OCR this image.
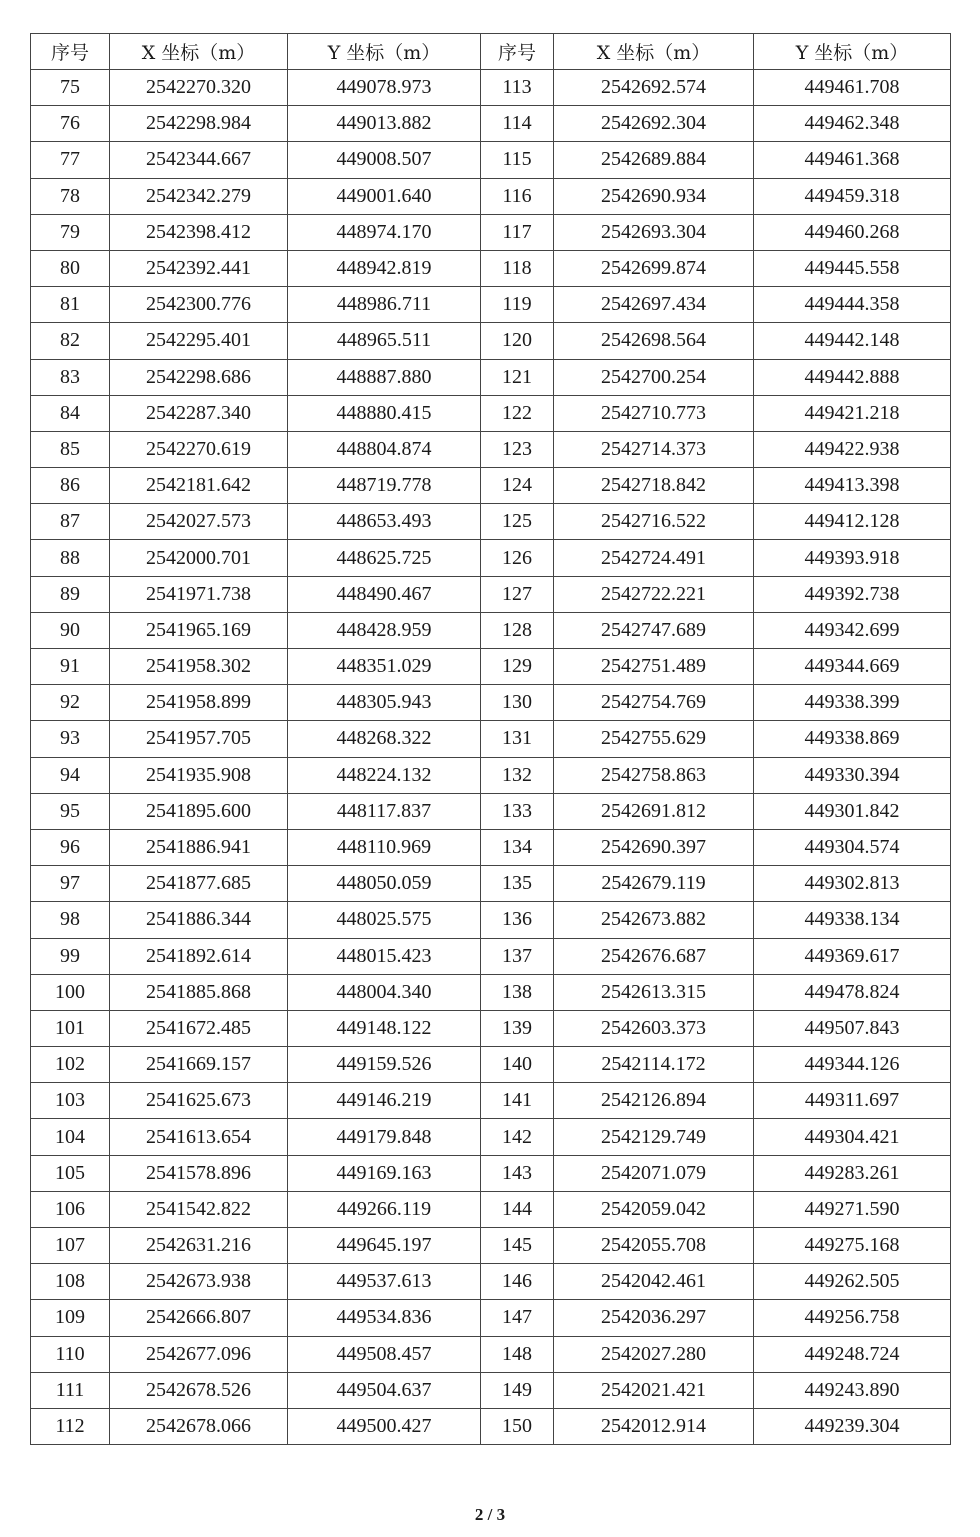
序号	X 坐标（m）	Y 坐标（m）	序号	X 坐标（m）	Y 坐标（m）
75	2542270.320	449078.973	113	2542692.574	449461.708
76	2542298.984	449013.882	114	2542692.304	449462.348
77	2542344.667	449008.507	115	2542689.884	449461.368
78	2542342.279	449001.640	116	2542690.934	449459.318
79	2542398.412	448974.170	117	2542693.304	449460.268
80	2542392.441	448942.819	118	2542699.874	449445.558
81	2542300.776	448986.711	119	2542697.434	449444.358
82	2542295.401	448965.511	120	2542698.564	449442.148
83	2542298.686	448887.880	121	2542700.254	449442.888
84	2542287.340	448880.415	122	2542710.773	449421.218
85	2542270.619	448804.874	123	2542714.373	449422.938
86	2542181.642	448719.778	124	2542718.842	449413.398
87	2542027.573	448653.493	125	2542716.522	449412.128
88	2542000.701	448625.725	126	2542724.491	449393.918
89	2541971.738	448490.467	127	2542722.221	449392.738
90	2541965.169	448428.959	128	2542747.689	449342.699
91	2541958.302	448351.029	129	2542751.489	449344.669
92	2541958.899	448305.943	130	2542754.769	449338.399
93	2541957.705	448268.322	131	2542755.629	449338.869
94	2541935.908	448224.132	132	2542758.863	449330.394
95	2541895.600	448117.837	133	2542691.812	449301.842
96	2541886.941	448110.969	134	2542690.397	449304.574
97	2541877.685	448050.059	135	2542679.119	449302.813
98	2541886.344	448025.575	136	2542673.882	449338.134
99	2541892.614	448015.423	137	2542676.687	449369.617
100	2541885.868	448004.340	138	2542613.315	449478.824
101	2541672.485	449148.122	139	2542603.373	449507.843
102	2541669.157	449159.526	140	2542114.172	449344.126
103	2541625.673	449146.219	141	2542126.894	449311.697
104	2541613.654	449179.848	142	2542129.749	449304.421
105	2541578.896	449169.163	143	2542071.079	449283.261
106	2541542.822	449266.119	144	2542059.042	449271.590
107	2542631.216	449645.197	145	2542055.708	449275.168
108	2542673.938	449537.613	146	2542042.461	449262.505
109	2542666.807	449534.836	147	2542036.297	449256.758
110	2542677.096	449508.457	148	2542027.280	449248.724
111	2542678.526	449504.637	149	2542021.421	449243.890
112	2542678.066	449500.427	150	2542012.914	449239.304
2 / 3
